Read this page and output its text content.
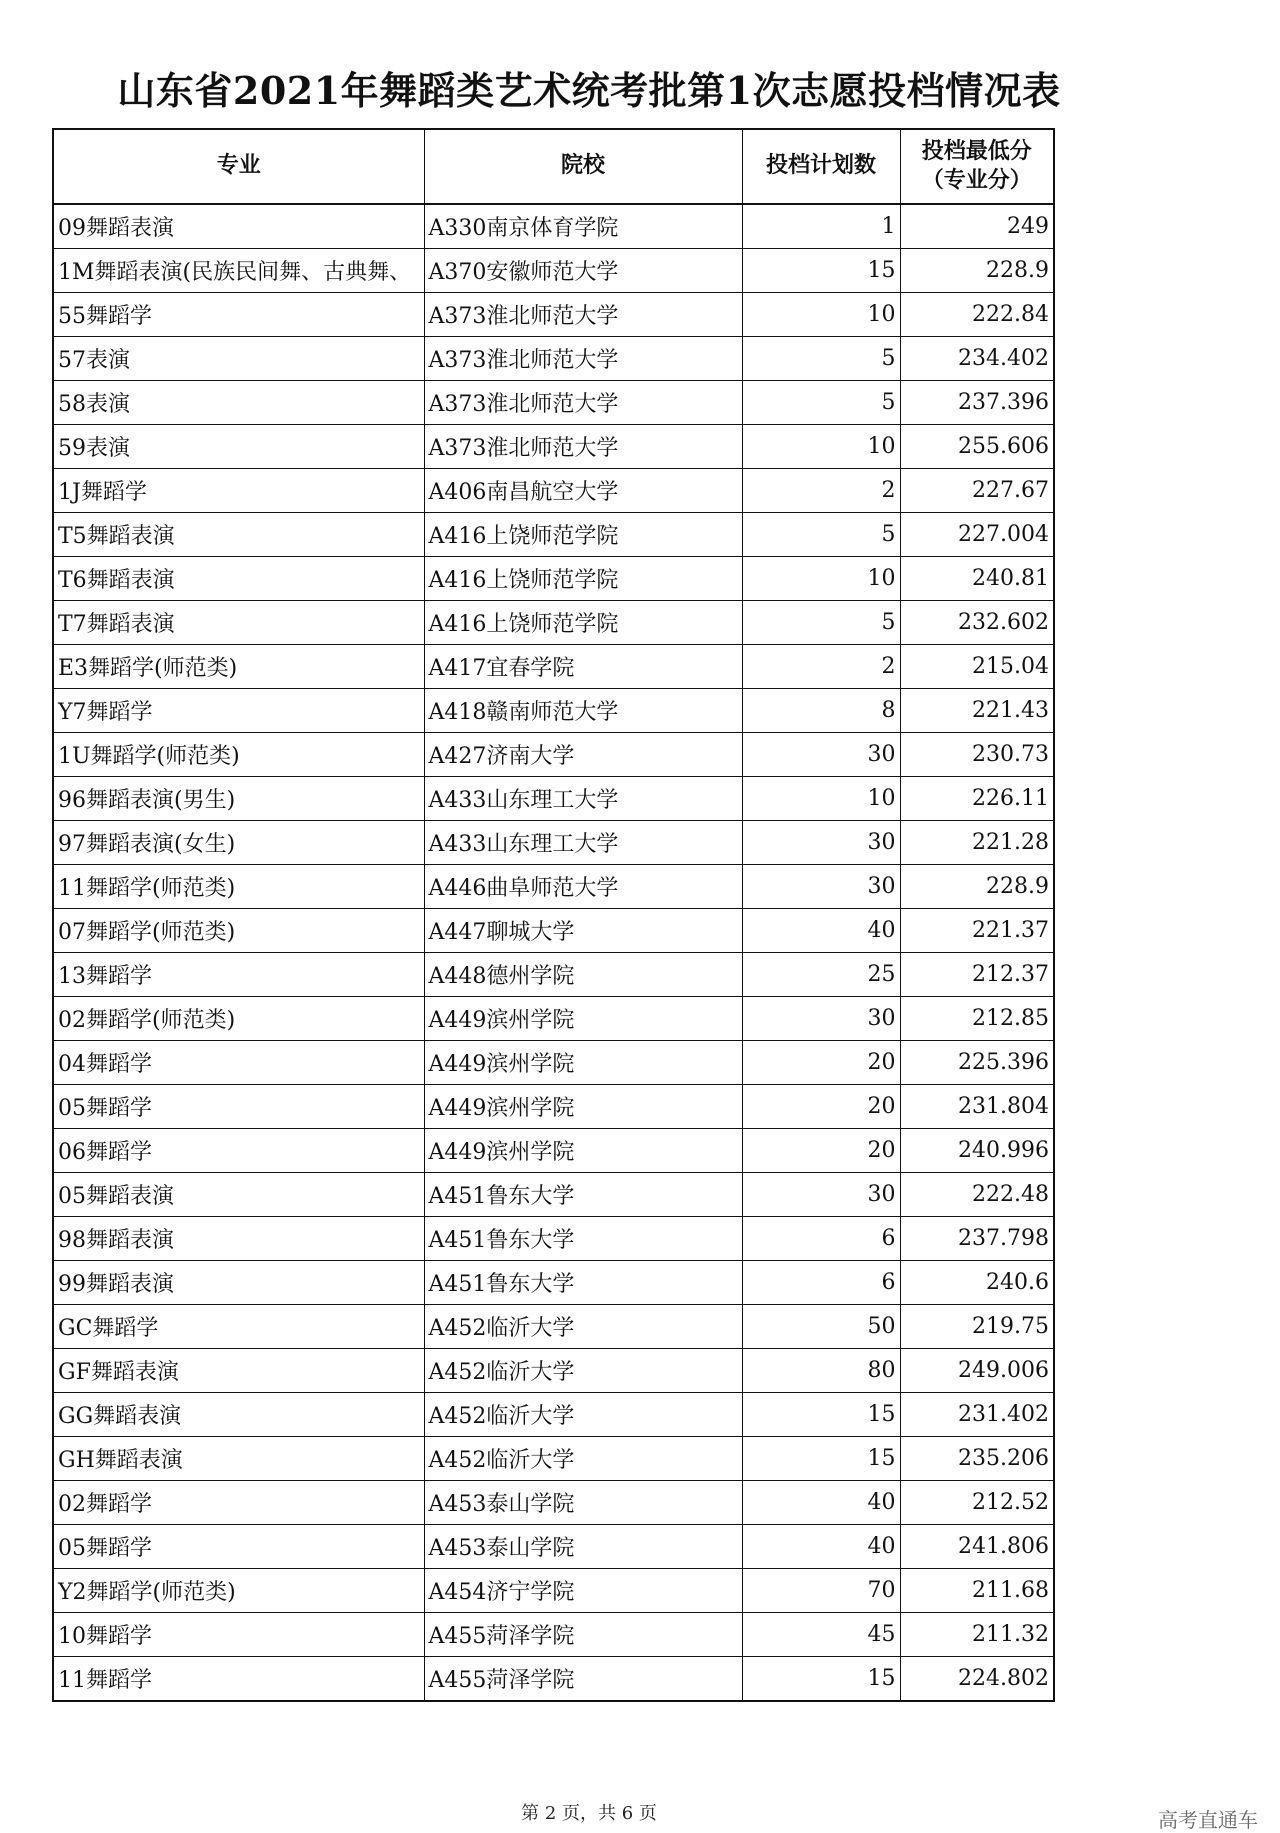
山东省2021年舞蹈类艺术统考批第1次志愿投档情况表
专业	院校	投档计划数	投档最低分
（专业分）

09舞蹈表演	A330南京体育学院	1	249
1M舞蹈表演(民族民间舞、古典舞、	A370安徽师范大学	15	228.9
55舞蹈学	A373淮北师范大学	10	222.84
57表演	A373淮北师范大学	5	234.402
58表演	A373淮北师范大学	5	237.396
59表演	A373淮北师范大学	10	255.606
1J舞蹈学	A406南昌航空大学	2	227.67
T5舞蹈表演	A416上饶师范学院	5	227.004
T6舞蹈表演	A416上饶师范学院	10	240.81
T7舞蹈表演	A416上饶师范学院	5	232.602
E3舞蹈学(师范类)	A417宜春学院	2	215.04
Y7舞蹈学	A418赣南师范大学	8	221.43
1U舞蹈学(师范类)	A427济南大学	30	230.73
96舞蹈表演(男生)	A433山东理工大学	10	226.11
97舞蹈表演(女生)	A433山东理工大学	30	221.28
11舞蹈学(师范类)	A446曲阜师范大学	30	228.9
07舞蹈学(师范类)	A447聊城大学	40	221.37
13舞蹈学	A448德州学院	25	212.37
02舞蹈学(师范类)	A449滨州学院	30	212.85
04舞蹈学	A449滨州学院	20	225.396
05舞蹈学	A449滨州学院	20	231.804
06舞蹈学	A449滨州学院	20	240.996
05舞蹈表演	A451鲁东大学	30	222.48
98舞蹈表演	A451鲁东大学	6	237.798
99舞蹈表演	A451鲁东大学	6	240.6
GC舞蹈学	A452临沂大学	50	219.75
GF舞蹈表演	A452临沂大学	80	249.006
GG舞蹈表演	A452临沂大学	15	231.402
GH舞蹈表演	A452临沂大学	15	235.206
02舞蹈学	A453泰山学院	40	212.52
05舞蹈学	A453泰山学院	40	241.806
Y2舞蹈学(师范类)	A454济宁学院	70	211.68
10舞蹈学	A455菏泽学院	45	211.32
11舞蹈学	A455菏泽学院	15	224.802
第 2 页，共 6 页	高考直通车
